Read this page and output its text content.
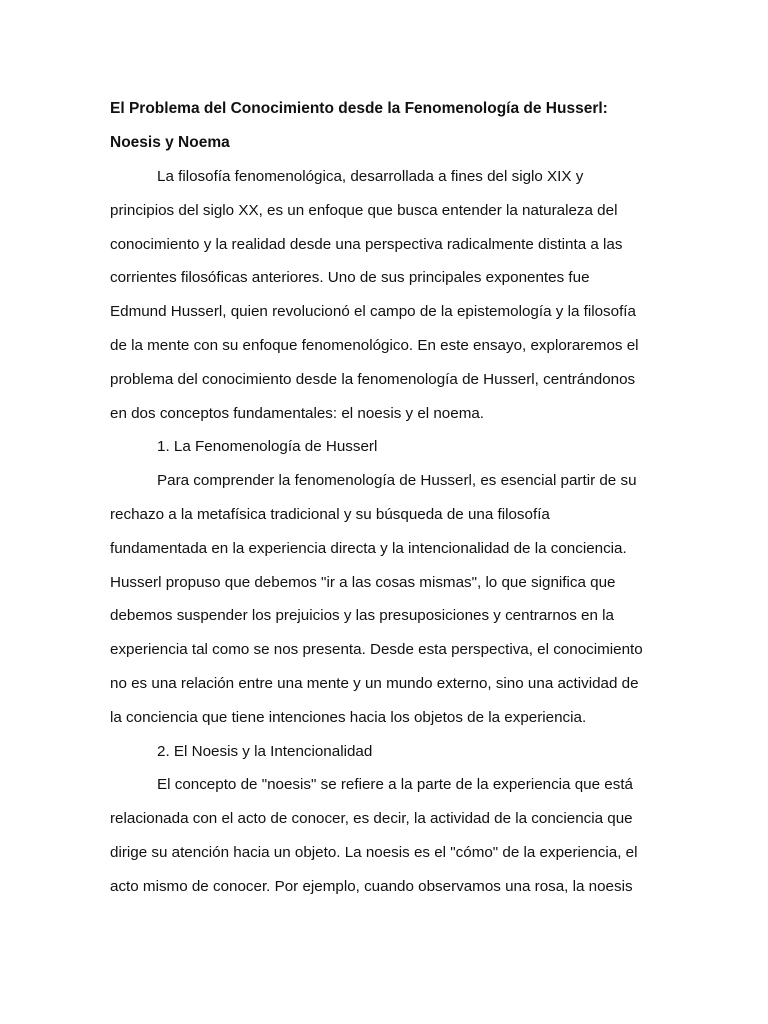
El Problema del Conocimiento desde la Fenomenología de Husserl:
Noesis y Noema
La filosofía fenomenológica, desarrollada a fines del siglo XIX y
principios del siglo XX, es un enfoque que busca entender la naturaleza del
conocimiento y la realidad desde una perspectiva radicalmente distinta a las
corrientes filosóficas anteriores. Uno de sus principales exponentes fue
Edmund Husserl, quien revolucionó el campo de la epistemología y la filosofía
de la mente con su enfoque fenomenológico. En este ensayo, exploraremos el
problema del conocimiento desde la fenomenología de Husserl, centrándonos
en dos conceptos fundamentales: el noesis y el noema.
1. La Fenomenología de Husserl
Para comprender la fenomenología de Husserl, es esencial partir de su
rechazo a la metafísica tradicional y su búsqueda de una filosofía
fundamentada en la experiencia directa y la intencionalidad de la conciencia.
Husserl propuso que debemos "ir a las cosas mismas", lo que significa que
debemos suspender los prejuicios y las presuposiciones y centrarnos en la
experiencia tal como se nos presenta. Desde esta perspectiva, el conocimiento
no es una relación entre una mente y un mundo externo, sino una actividad de
la conciencia que tiene intenciones hacia los objetos de la experiencia.
2. El Noesis y la Intencionalidad
El concepto de "noesis" se refiere a la parte de la experiencia que está
relacionada con el acto de conocer, es decir, la actividad de la conciencia que
dirige su atención hacia un objeto. La noesis es el "cómo" de la experiencia, el
acto mismo de conocer. Por ejemplo, cuando observamos una rosa, la noesis
